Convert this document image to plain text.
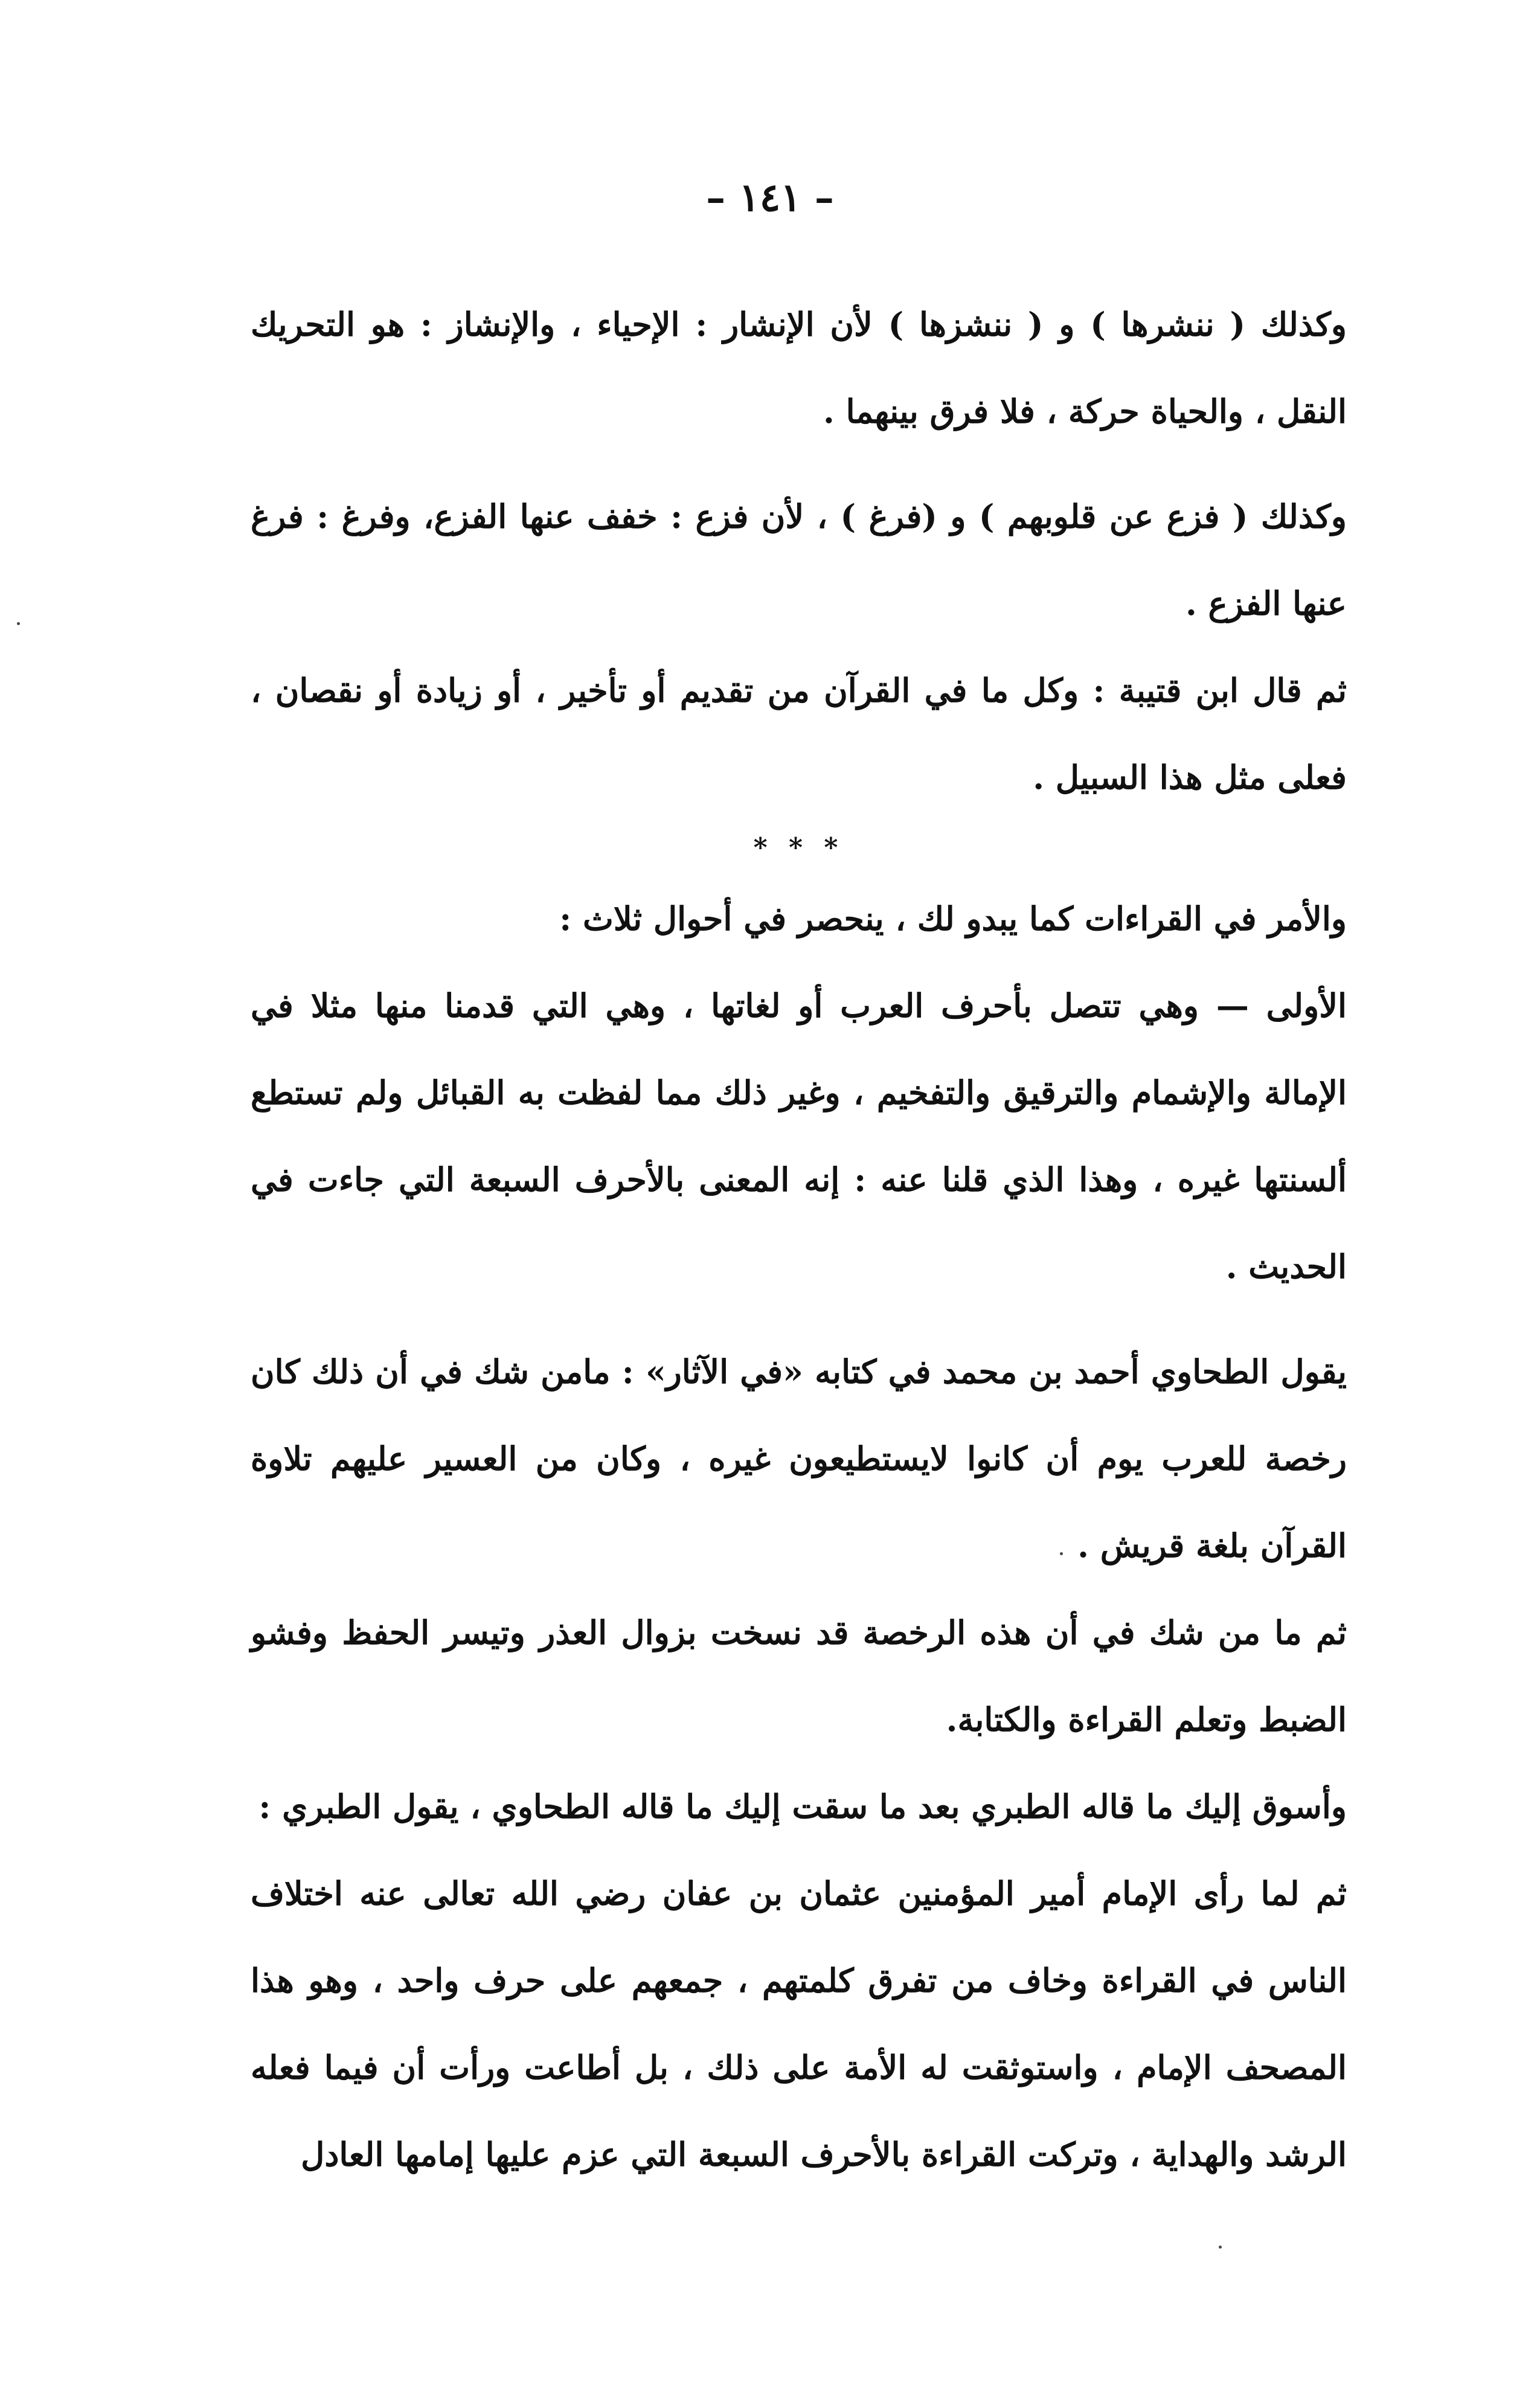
– ١٤١ –

وكذلك ( ننشرها ) و ( ننشزها ) لأن الإنشار : الإحياء ، والإنشاز : هو التحريك النقل ، والحياة حركة ، فلا فرق بينهما .

وكذلك ( فزع عن قلوبهم ) و (فرغ ) ، لأن فزع : خفف عنها الفزع، وفرغ : فرغ عنها الفزع .

ثم قال ابن قتيبة : وكل ما في القرآن من تقديم أو تأخير ، أو زيادة أو نقصان ، فعلى مثل هذا السبيل .

* * *

والأمر في القراءات كما يبدو لك ، ينحصر في أحوال ثلاث :

الأولى — وهي تتصل بأحرف العرب أو لغاتها ، وهي التي قدمنا منها مثلا في الإمالة والإشمام والترقيق والتفخيم ، وغير ذلك مما لفظت به القبائل ولم تستطع ألسنتها غيره ، وهذا الذي قلنا عنه : إنه المعنى بالأحرف السبعة التي جاءت في الحديث .

يقول الطحاوي أحمد بن محمد في كتابه «في الآثار» : مامن شك في أن ذلك كان رخصة للعرب يوم أن كانوا لايستطيعون غيره ، وكان من العسير عليهم تلاوة القرآن بلغة قريش .

ثم ما من شك في أن هذه الرخصة قد نسخت بزوال العذر وتيسر الحفظ وفشو الضبط وتعلم القراءة والكتابة.

وأسوق إليك ما قاله الطبري بعد ما سقت إليك ما قاله الطحاوي ، يقول الطبري :

ثم لما رأى الإمام أمير المؤمنين عثمان بن عفان رضي الله تعالى عنه اختلاف الناس في القراءة وخاف من تفرق كلمتهم ، جمعهم على حرف واحد ، وهو هذا المصحف الإمام ، واستوثقت له الأمة على ذلك ، بل أطاعت ورأت أن فيما فعله الرشد والهداية ، وتركت القراءة بالأحرف السبعة التي عزم عليها إمامها العادل
